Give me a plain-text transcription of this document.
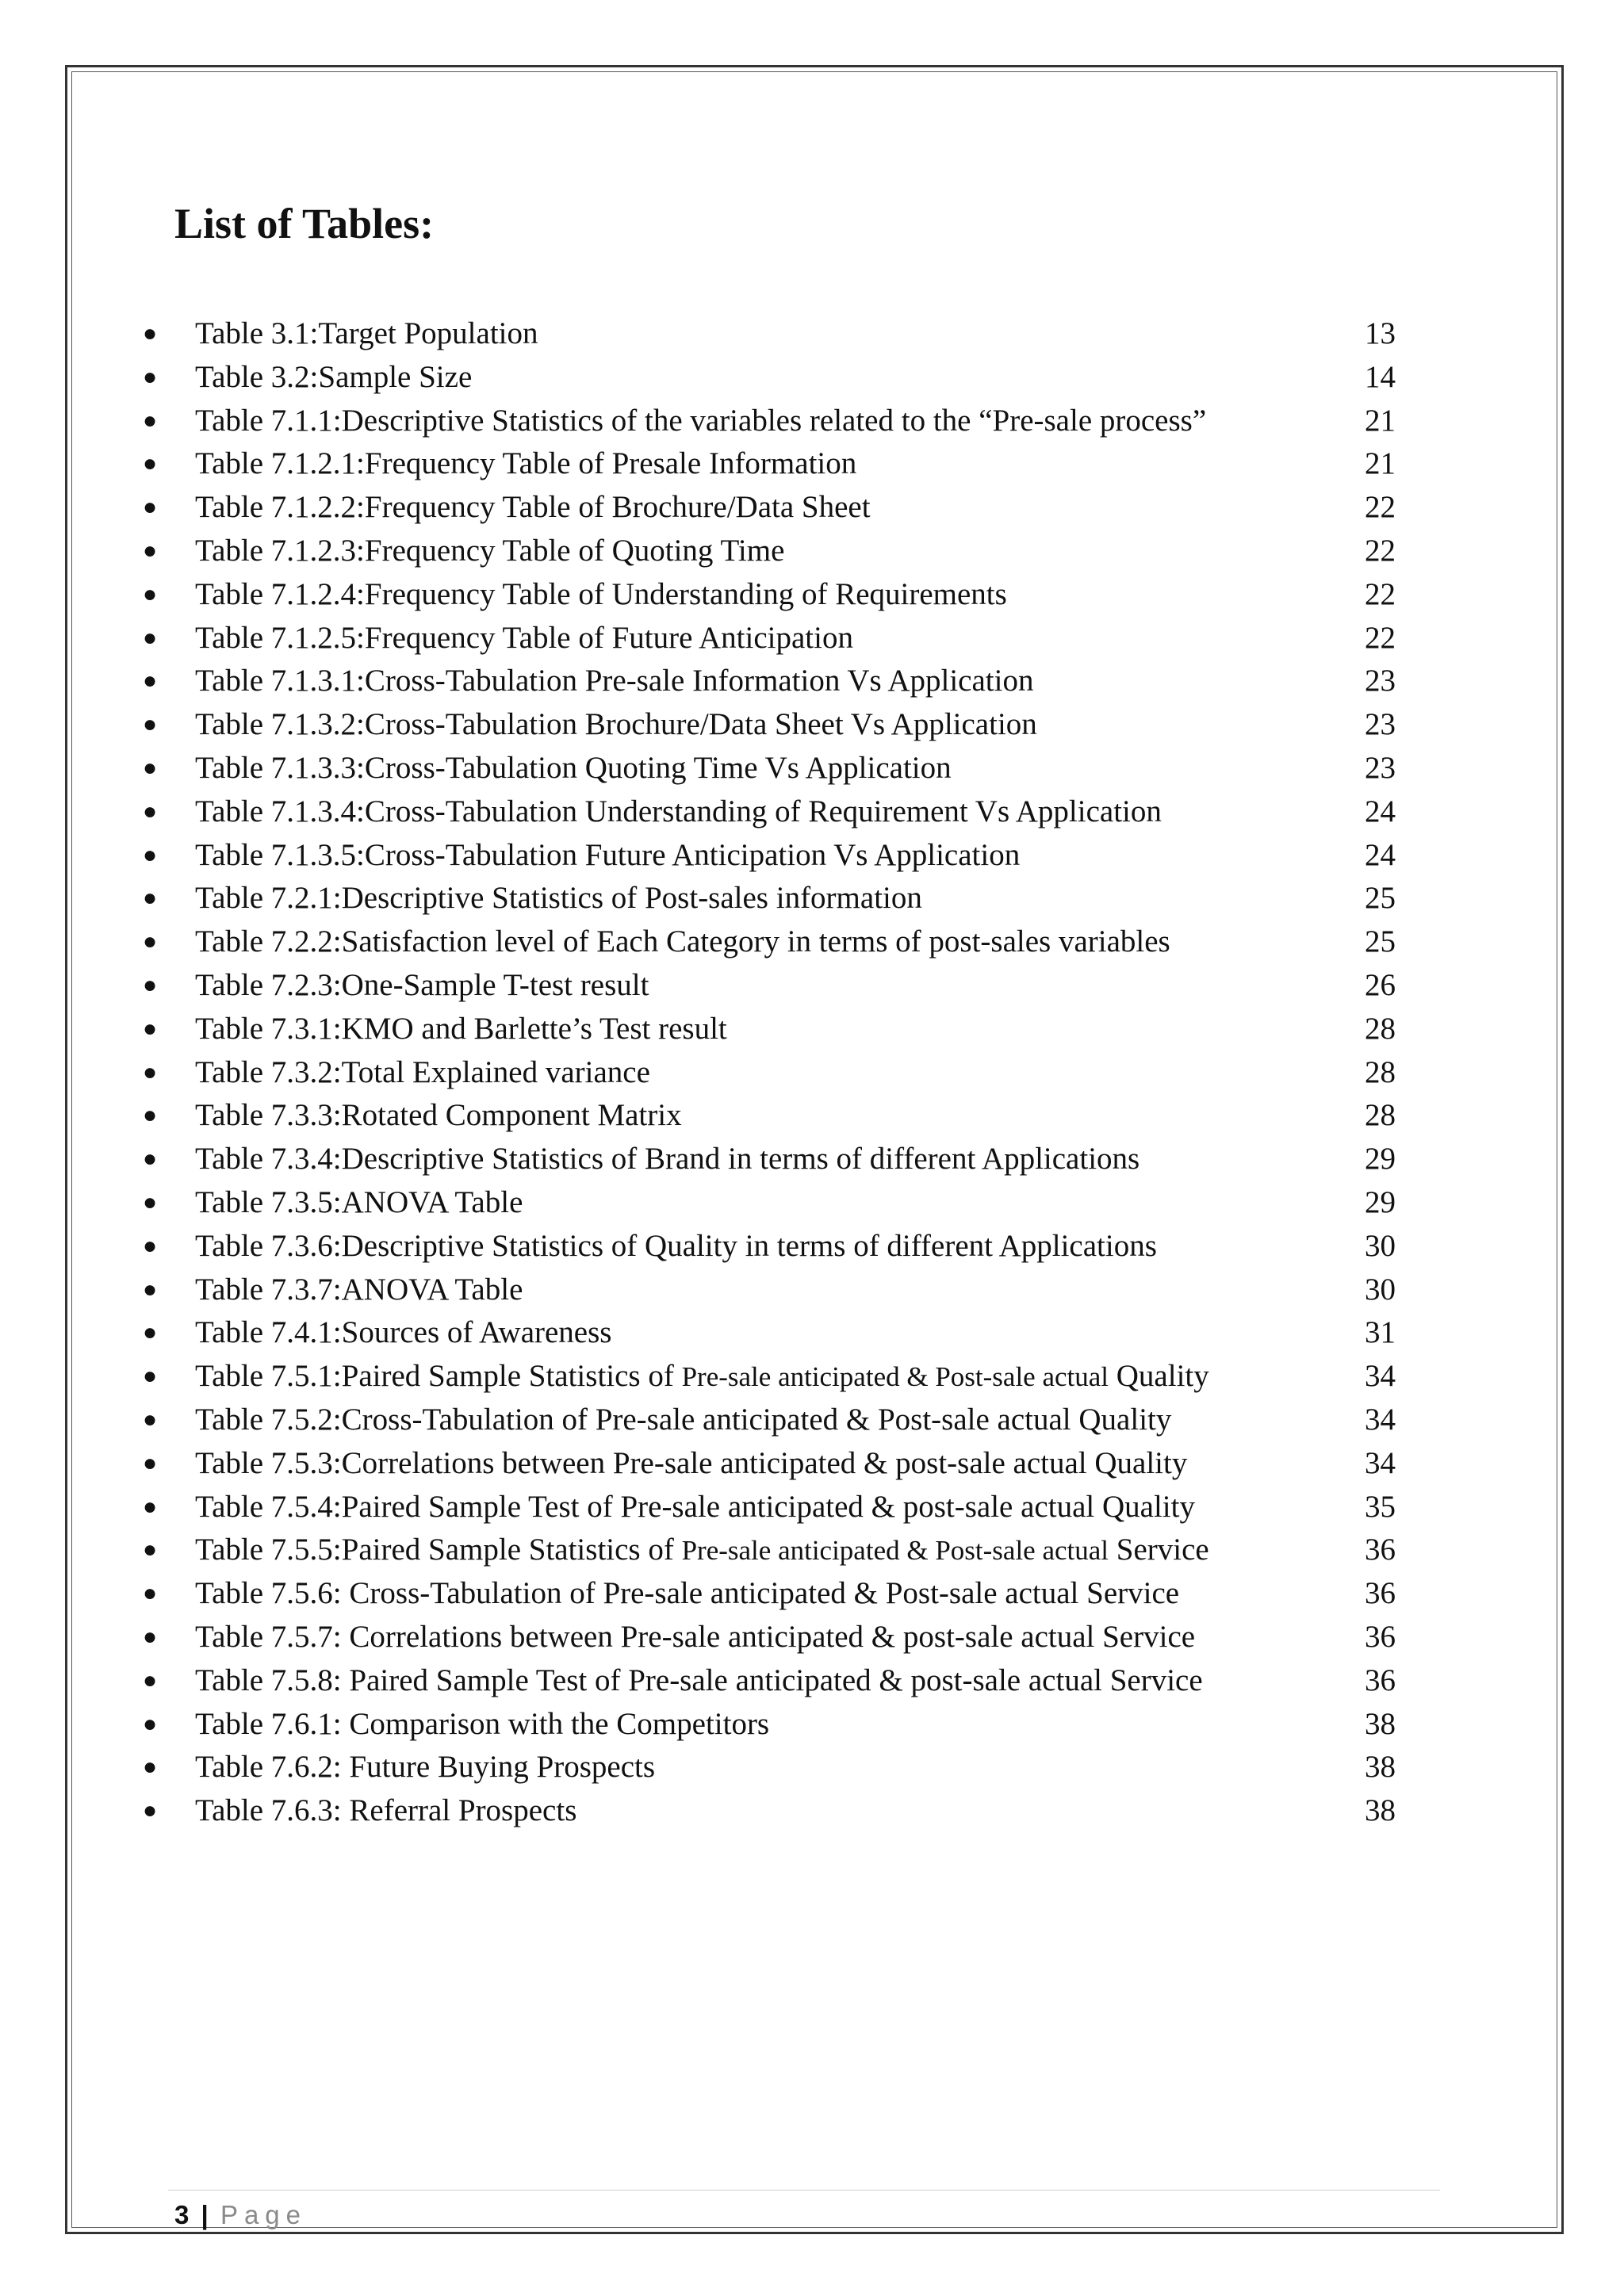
List of Tables:
●	Table 3.1:Target Population	13
●	Table 3.2:Sample Size	14
●	Table 7.1.1:Descriptive Statistics of the variables related to the “Pre-sale process”	21
●	Table 7.1.2.1:Frequency Table of Presale Information	21
●	Table 7.1.2.2:Frequency Table of Brochure/Data Sheet	22
●	Table 7.1.2.3:Frequency Table of Quoting Time	22
●	Table 7.1.2.4:Frequency Table of Understanding of Requirements	22
●	Table 7.1.2.5:Frequency Table of Future Anticipation	22
●	Table 7.1.3.1:Cross-Tabulation Pre-sale Information Vs Application	23
●	Table 7.1.3.2:Cross-Tabulation Brochure/Data Sheet Vs Application	23
●	Table 7.1.3.3:Cross-Tabulation Quoting Time Vs Application	23
●	Table 7.1.3.4:Cross-Tabulation Understanding of Requirement Vs Application	24
●	Table 7.1.3.5:Cross-Tabulation Future Anticipation Vs Application	24
●	Table 7.2.1:Descriptive Statistics of Post-sales information	25
●	Table 7.2.2:Satisfaction level of Each Category in terms of post-sales variables	25
●	Table 7.2.3:One-Sample T-test result	26
●	Table 7.3.1:KMO and Barlette’s Test result	28
●	Table 7.3.2:Total Explained variance	28
●	Table 7.3.3:Rotated Component Matrix	28
●	Table 7.3.4:Descriptive Statistics of Brand in terms of different Applications	29
●	Table 7.3.5:ANOVA Table	29
●	Table 7.3.6:Descriptive Statistics of Quality in terms of different Applications	30
●	Table 7.3.7:ANOVA Table	30
●	Table 7.4.1:Sources of Awareness	31
●	Table 7.5.1:Paired Sample Statistics of Pre-sale anticipated & Post-sale actual Quality	34
●	Table 7.5.2:Cross-Tabulation of Pre-sale anticipated & Post-sale actual Quality	34
●	Table 7.5.3:Correlations between Pre-sale anticipated & post-sale actual Quality	34
●	Table 7.5.4:Paired Sample Test of Pre-sale anticipated & post-sale actual Quality	35
●	Table 7.5.5:Paired Sample Statistics of Pre-sale anticipated & Post-sale actual Service	36
●	Table 7.5.6: Cross-Tabulation of Pre-sale anticipated & Post-sale actual Service	36
●	Table 7.5.7: Correlations between Pre-sale anticipated & post-sale actual Service	36
●	Table 7.5.8: Paired Sample Test of Pre-sale anticipated & post-sale actual Service	36
●	Table 7.6.1: Comparison with the Competitors	38
●	Table 7.6.2: Future Buying Prospects	38
●	Table 7.6.3: Referral Prospects	38
3 | Page
